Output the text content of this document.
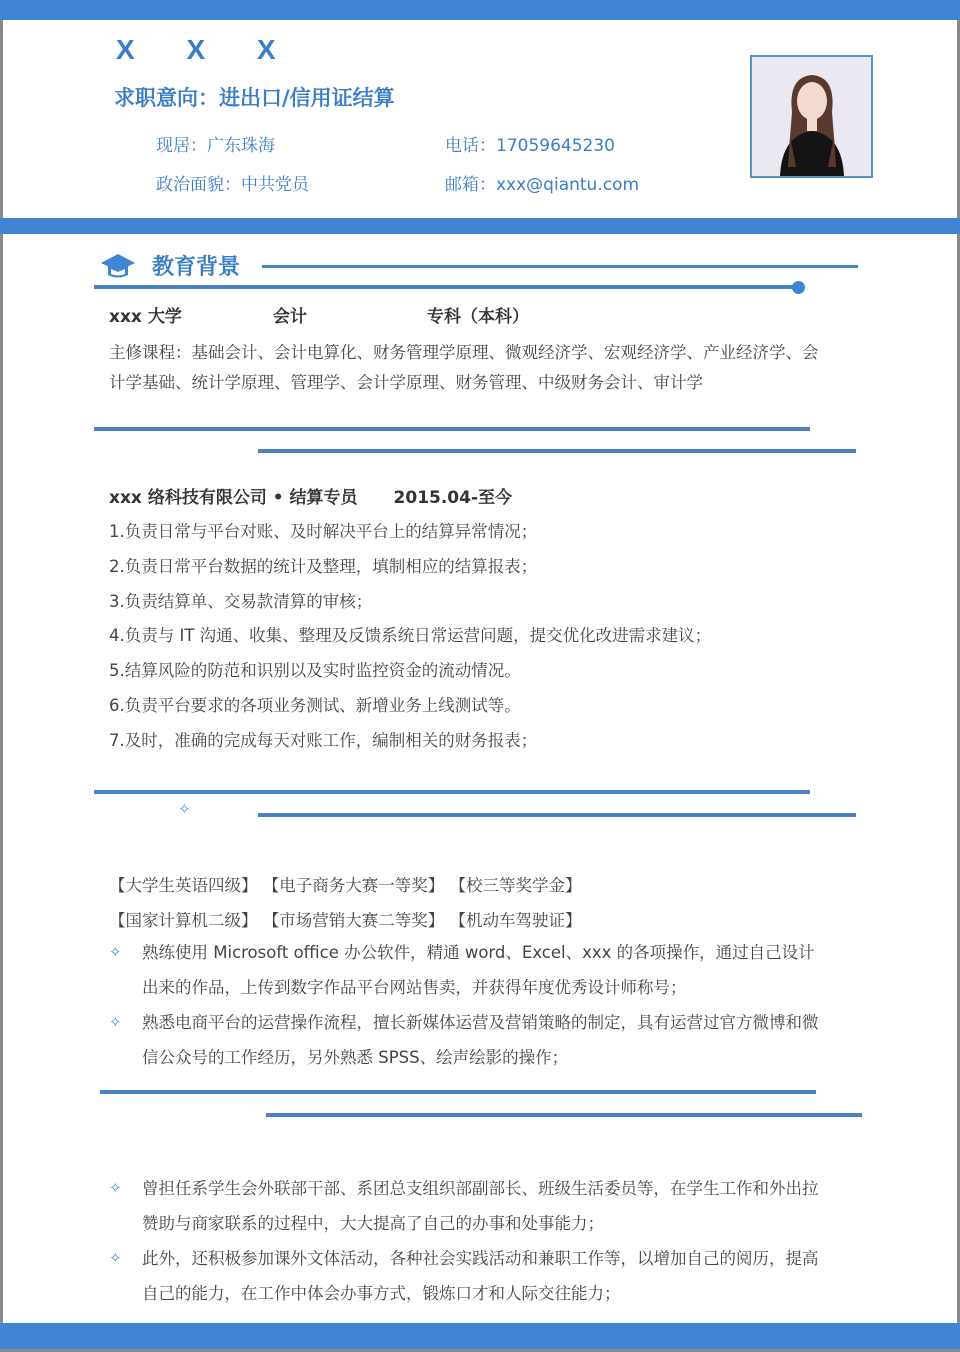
X X X
求职意向：进出口/信用证结算
现居：广东珠海
政治面貌：中共党员
电话：17059645230
邮箱：xxx@qiantu.com
教育背景
xxx 大学	会计	专科（本科）
主修课程：基础会计、会计电算化、财务管理学原理、微观经济学、宏观经济学、产业经济学、会计学基础、统计学原理、管理学、会计学原理、财务管理、中级财务会计、审计学
xxx 络科技有限公司 • 结算专员 2015.04-至今
1.负责日常与平台对账、及时解决平台上的结算异常情况；
2.负责日常平台数据的统计及整理，填制相应的结算报表；
3.负责结算单、交易款清算的审核；
4.负责与 IT 沟通、收集、整理及反馈系统日常运营问题，提交优化改进需求建议；
5.结算风险的防范和识别以及实时监控资金的流动情况。
6.负责平台要求的各项业务测试、新增业务上线测试等。
7.及时，准确的完成每天对账工作，编制相关的财务报表；
✧
【大学生英语四级】 【电子商务大赛一等奖】 【校三等奖学金】
【国家计算机二级】 【市场营销大赛二等奖】 【机动车驾驶证】

✧ 熟练使用 Microsoft office 办公软件，精通 word、Excel、xxx 的各项操作，通过自己设计出来的作品，上传到数字作品平台网站售卖，并获得年度优秀设计师称号；

✧ 熟悉电商平台的运营操作流程，擅长新媒体运营及营销策略的制定，具有运营过官方微博和微信公众号的工作经历，另外熟悉 SPSS、绘声绘影的操作；

✧ 曾担任系学生会外联部干部、系团总支组织部副部长、班级生活委员等，在学生工作和外出拉赞助与商家联系的过程中，大大提高了自己的办事和处事能力；

✧ 此外，还积极参加课外文体活动，各种社会实践活动和兼职工作等，以增加自己的阅历，提高自己的能力，在工作中体会办事方式，锻炼口才和人际交往能力；
